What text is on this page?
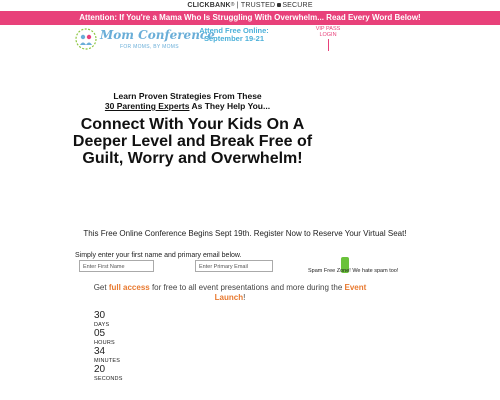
CLICKBANK® | TRUSTED SECURE
Attention: If You're a Mama Who Is Struggling With Overwhelm... Read Every Word Below!
Mom Conference
FOR MOMS, BY MOMS
Attend Free Online:
September 19-21
VIP PASS
LOGIN
Learn Proven Strategies From These
30 Parenting Experts As They Help You...
Connect With Your Kids On A Deeper Level and Break Free of Guilt, Worry and Overwhelm!
This Free Online Conference Begins Sept 19th. Register Now to Reserve Your Virtual Seat!
Simply enter your first name and primary email below.
Enter First Name	Enter Primary Email
Spam Free Zone! We hate spam too!
Get full access for free to all event presentations and more during the Event Launch!
30
DAYS
05
HOURS
34
MINUTES
20
SECONDS
